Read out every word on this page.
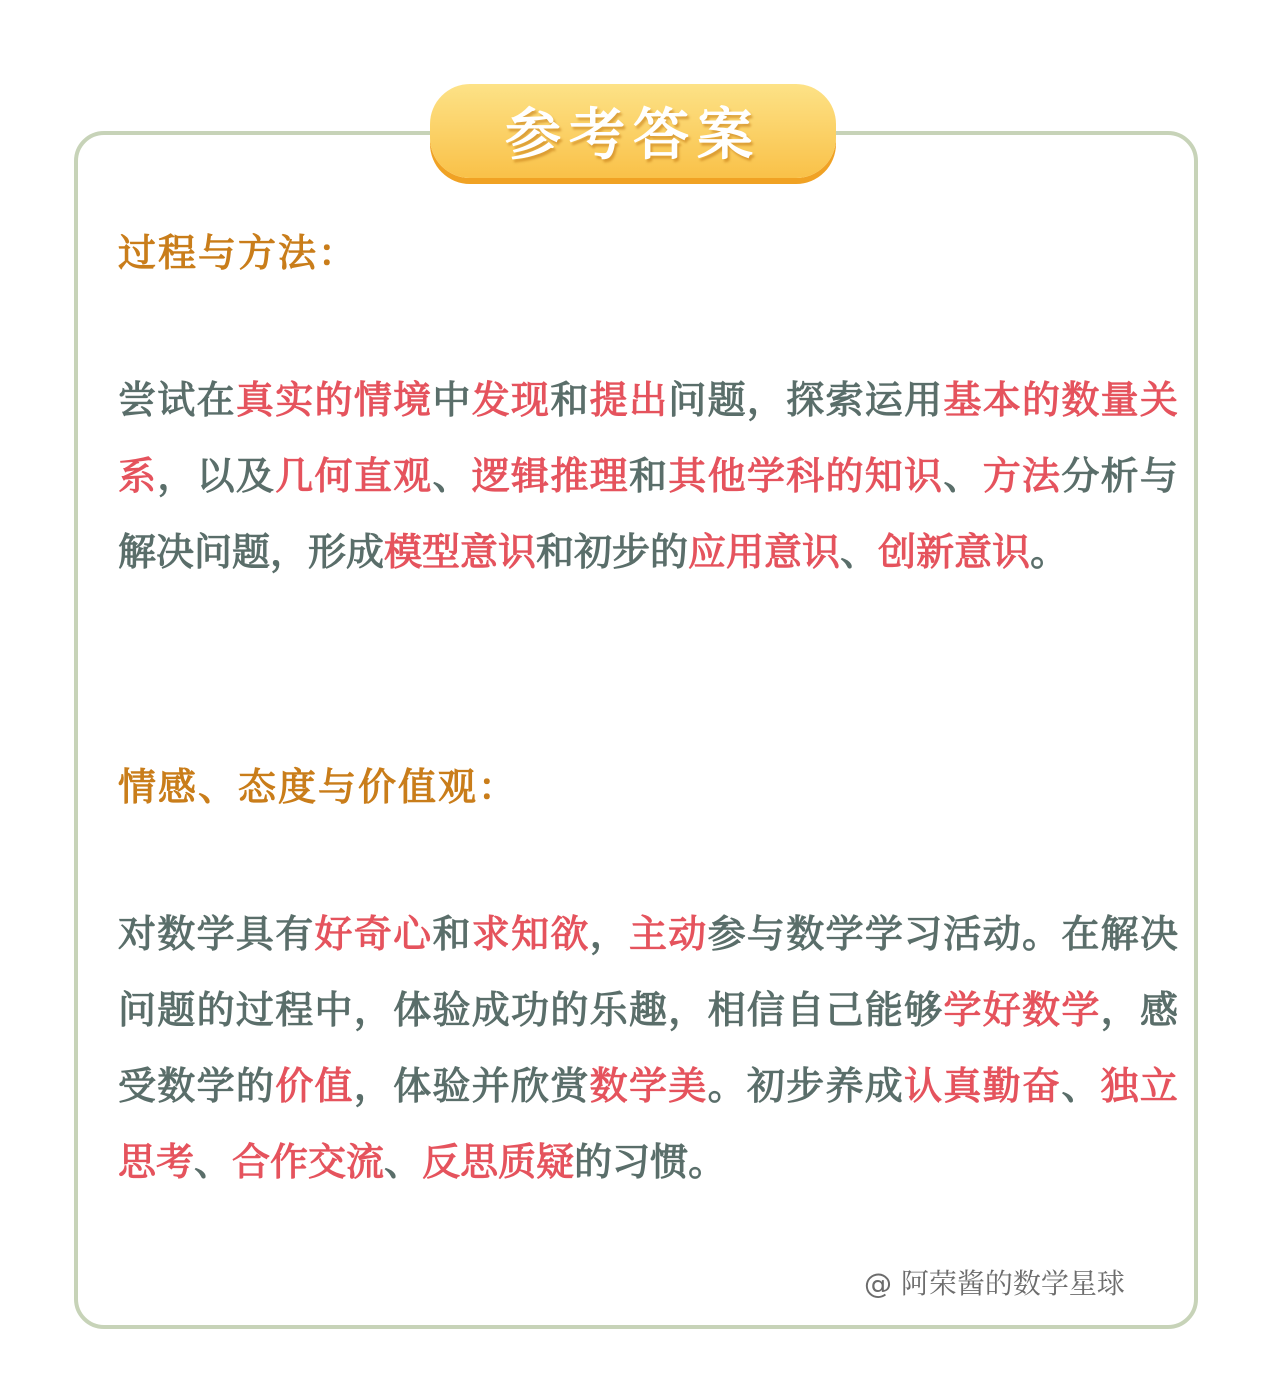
参考答案
过程与方法：

尝试在真实的情境中发现和提出问题，探索运用基本的数量关系，以及几何直观、逻辑推理和其他学科的知识、方法分析与解决问题，形成模型意识和初步的应用意识、创新意识。

情感、态度与价值观：

对数学具有好奇心和求知欲，主动参与数学学习活动。在解决问题的过程中，体验成功的乐趣，相信自己能够学好数学，感受数学的价值，体验并欣赏数学美。初步养成认真勤奋、独立思考、合作交流、反思质疑的习惯。

@ 阿荣酱的数学星球
